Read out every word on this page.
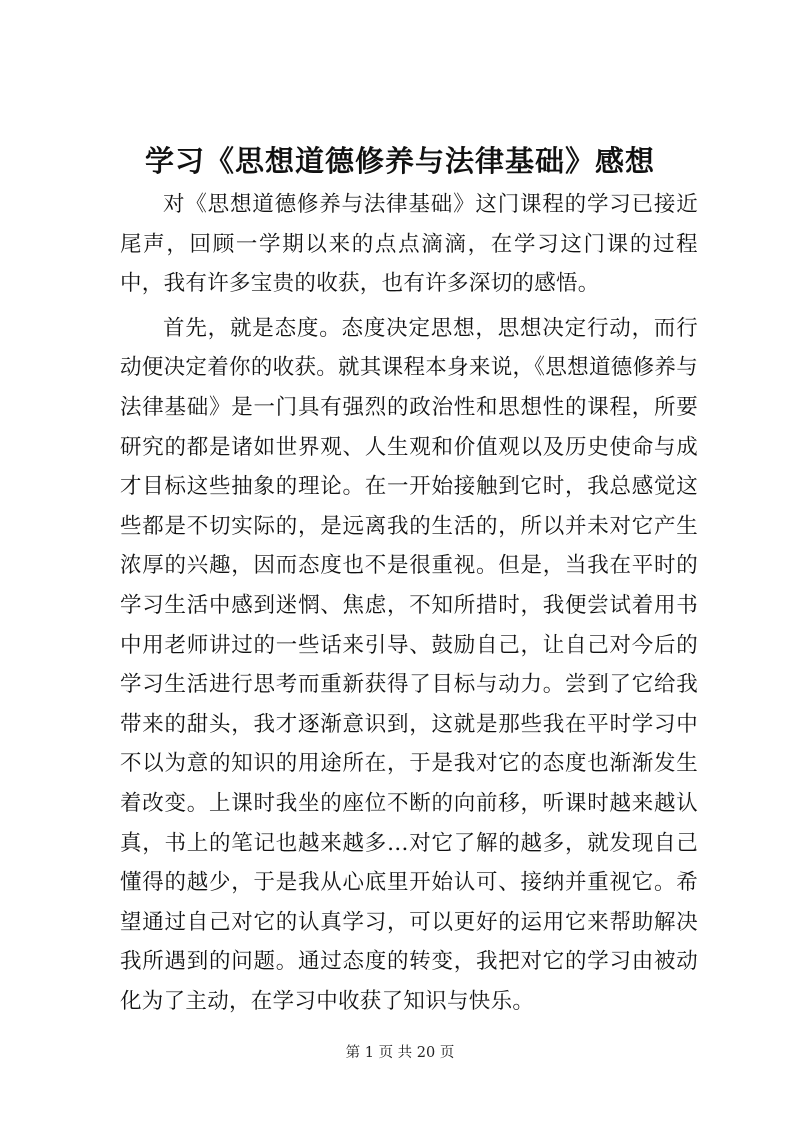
学习《思想道德修养与法律基础》感想

对《思想道德修养与法律基础》这门课程的学习已接近尾声，回顾一学期以来的点点滴滴，在学习这门课的过程中，我有许多宝贵的收获，也有许多深切的感悟。

首先，就是态度。态度决定思想，思想决定行动，而行动便决定着你的收获。就其课程本身来说，《思想道德修养与法律基础》是一门具有强烈的政治性和思想性的课程，所要研究的都是诸如世界观、人生观和价值观以及历史使命与成才目标这些抽象的理论。在一开始接触到它时，我总感觉这些都是不切实际的，是远离我的生活的，所以并未对它产生浓厚的兴趣，因而态度也不是很重视。但是，当我在平时的学习生活中感到迷惘、焦虑，不知所措时，我便尝试着用书中用老师讲过的一些话来引导、鼓励自己，让自己对今后的学习生活进行思考而重新获得了目标与动力。尝到了它给我带来的甜头，我才逐渐意识到，这就是那些我在平时学习中不以为意的知识的用途所在，于是我对它的态度也渐渐发生着改变。上课时我坐的座位不断的向前移，听课时越来越认真，书上的笔记也越来越多…对它了解的越多，就发现自己懂得的越少，于是我从心底里开始认可、接纳并重视它。希望通过自己对它的认真学习，可以更好的运用它来帮助解决我所遇到的问题。通过态度的转变，我把对它的学习由被动化为了主动，在学习中收获了知识与快乐。

第 1 页 共 20 页
